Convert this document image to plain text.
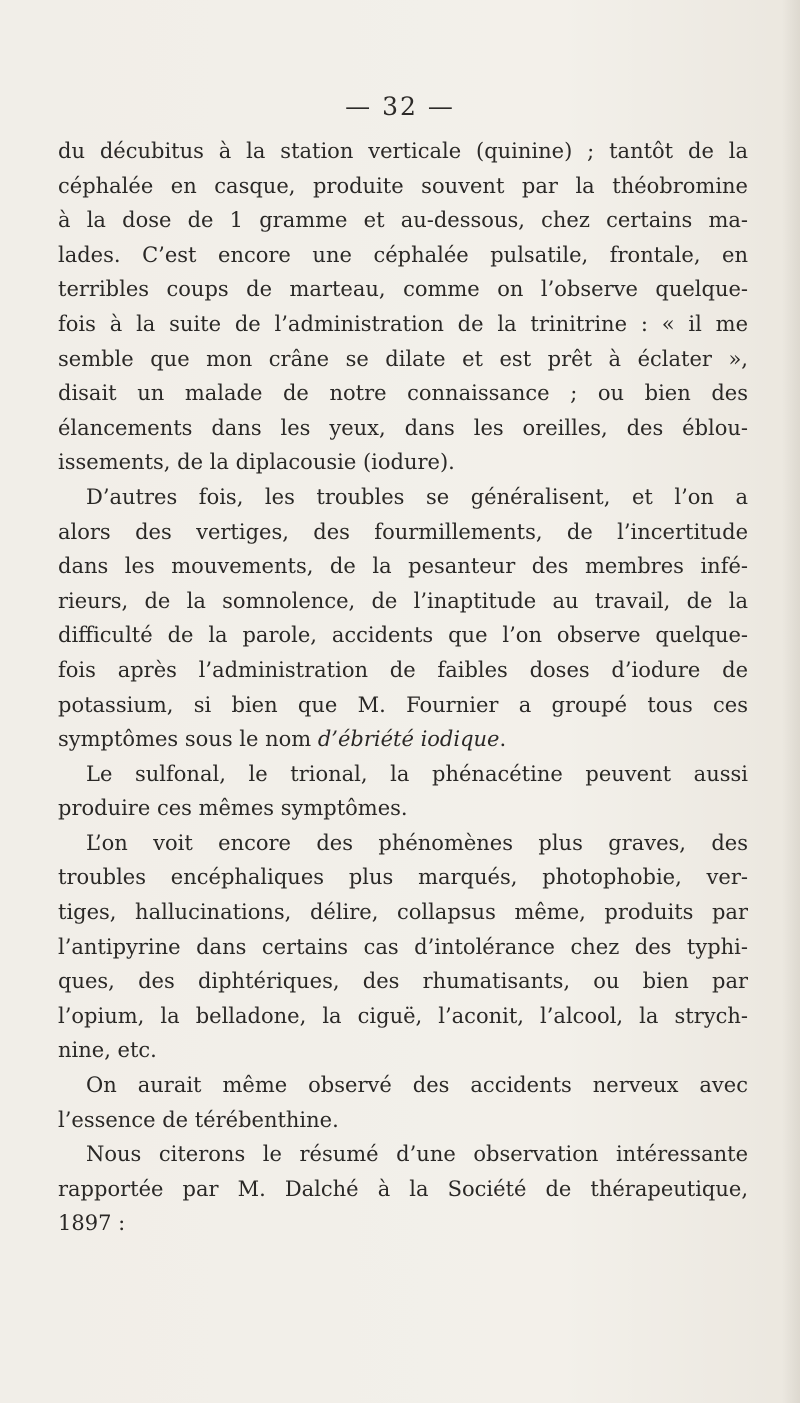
— 32 —
du décubitus à la station verticale (quinine) ; tantôt de la
céphalée en casque, produite souvent par la théobromine
à la dose de 1 gramme et au-dessous, chez certains ma-
lades. C’est encore une céphalée pulsatile, frontale, en
terribles coups de marteau, comme on l’observe quelque-
fois à la suite de l’administration de la trinitrine : « il me
semble que mon crâne se dilate et est prêt à éclater »,
disait un malade de notre connaissance ; ou bien des
élancements dans les yeux, dans les oreilles, des éblou-
issements, de la diplacousie (iodure).
D’autres fois, les troubles se généralisent, et l’on a
alors des vertiges, des fourmillements, de l’incertitude
dans les mouvements, de la pesanteur des membres infé-
rieurs, de la somnolence, de l’inaptitude au travail, de la
difficulté de la parole, accidents que l’on observe quelque-
fois après l’administration de faibles doses d’iodure de
potassium, si bien que M. Fournier a groupé tous ces
symptômes sous le nom d’ébriété iodique.
Le sulfonal, le trional, la phénacétine peuvent aussi
produire ces mêmes symptômes.
L’on voit encore des phénomènes plus graves, des
troubles encéphaliques plus marqués, photophobie, ver-
tiges, hallucinations, délire, collapsus même, produits par
l’antipyrine dans certains cas d’intolérance chez des typhi-
ques, des diphtériques, des rhumatisants, ou bien par
l’opium, la belladone, la ciguë, l’aconit, l’alcool, la strych-
nine, etc.
On aurait même observé des accidents nerveux avec
l’essence de térébenthine.
Nous citerons le résumé d’une observation intéressante
rapportée par M. Dalché à la Société de thérapeutique,
1897 :
